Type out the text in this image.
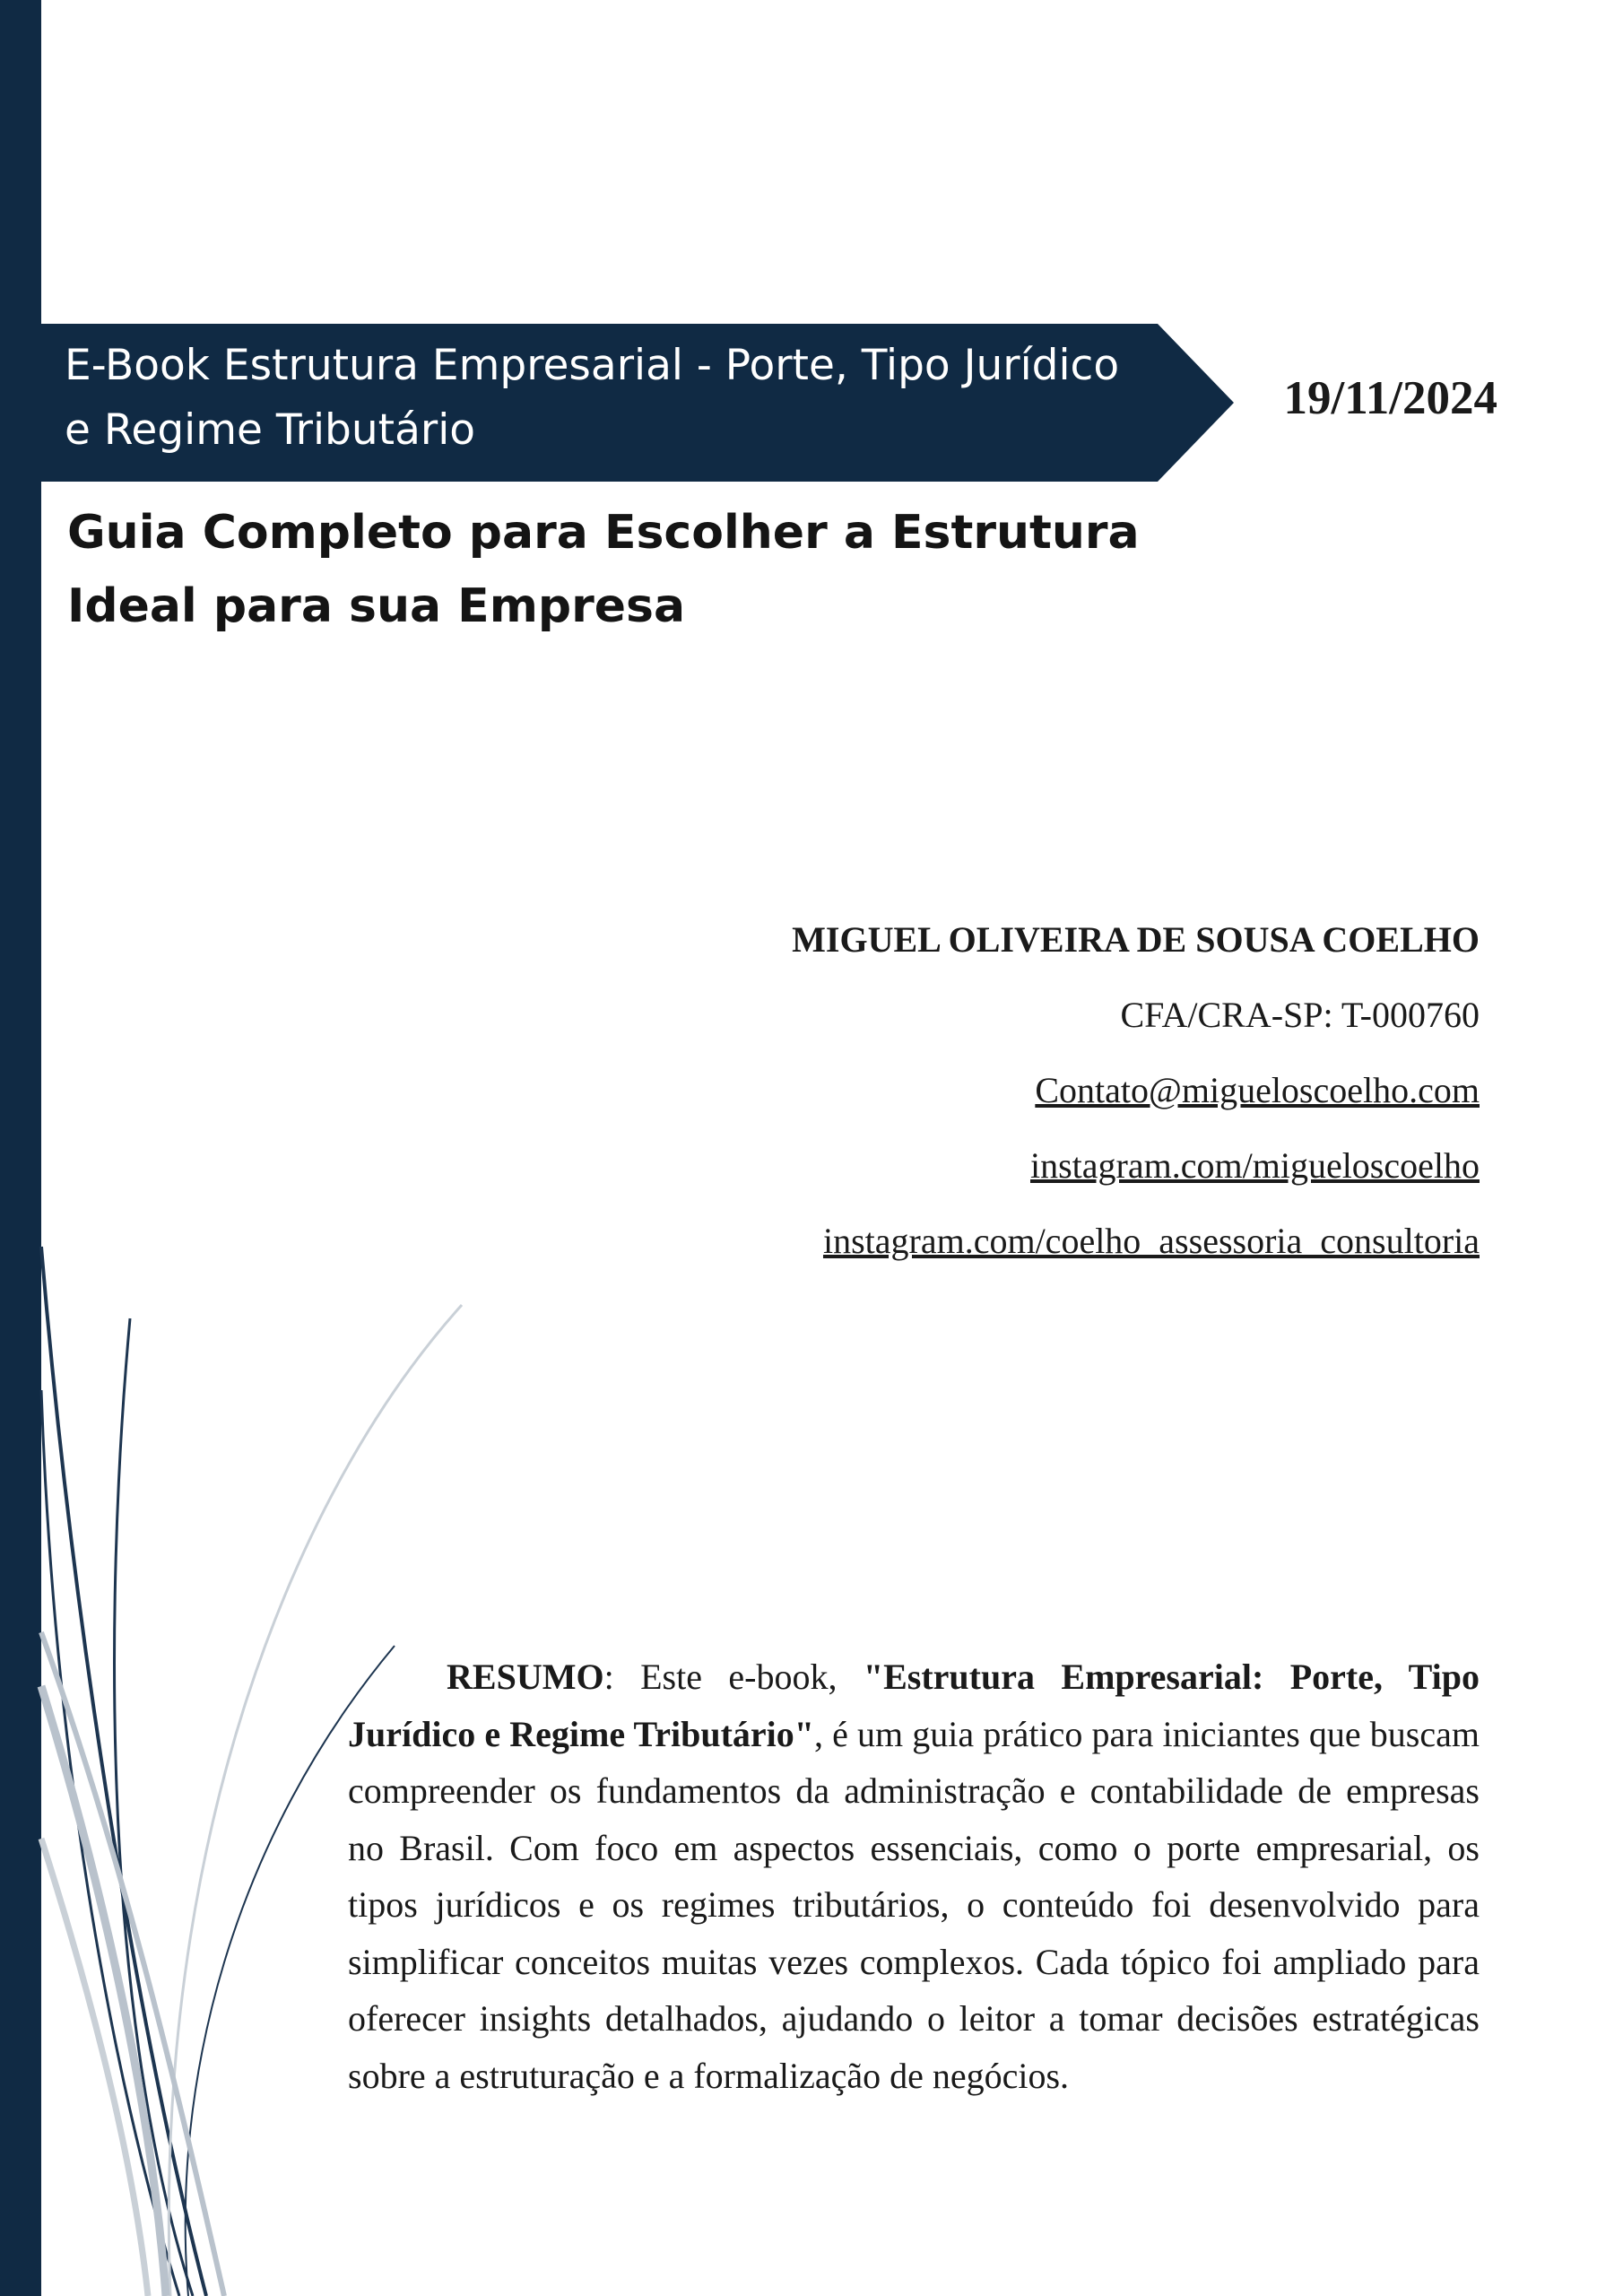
E-Book Estrutura Empresarial - Porte, Tipo Jurídico e Regime Tributário
19/11/2024
Guia Completo para Escolher a Estrutura Ideal para sua Empresa
MIGUEL OLIVEIRA DE SOUSA COELHO
CFA/CRA-SP: T-000760
Contato@migueloscoelho.com
instagram.com/migueloscoelho
instagram.com/coelho_assessoria_consultoria
RESUMO: Este e-book, "Estrutura Empresarial: Porte, Tipo Jurídico e Regime Tributário", é um guia prático para iniciantes que buscam compreender os fundamentos da administração e contabilidade de empresas no Brasil. Com foco em aspectos essenciais, como o porte empresarial, os tipos jurídicos e os regimes tributários, o conteúdo foi desenvolvido para simplificar conceitos muitas vezes complexos. Cada tópico foi ampliado para oferecer insights detalhados, ajudando o leitor a tomar decisões estratégicas sobre a estruturação e a formalização de negócios.
